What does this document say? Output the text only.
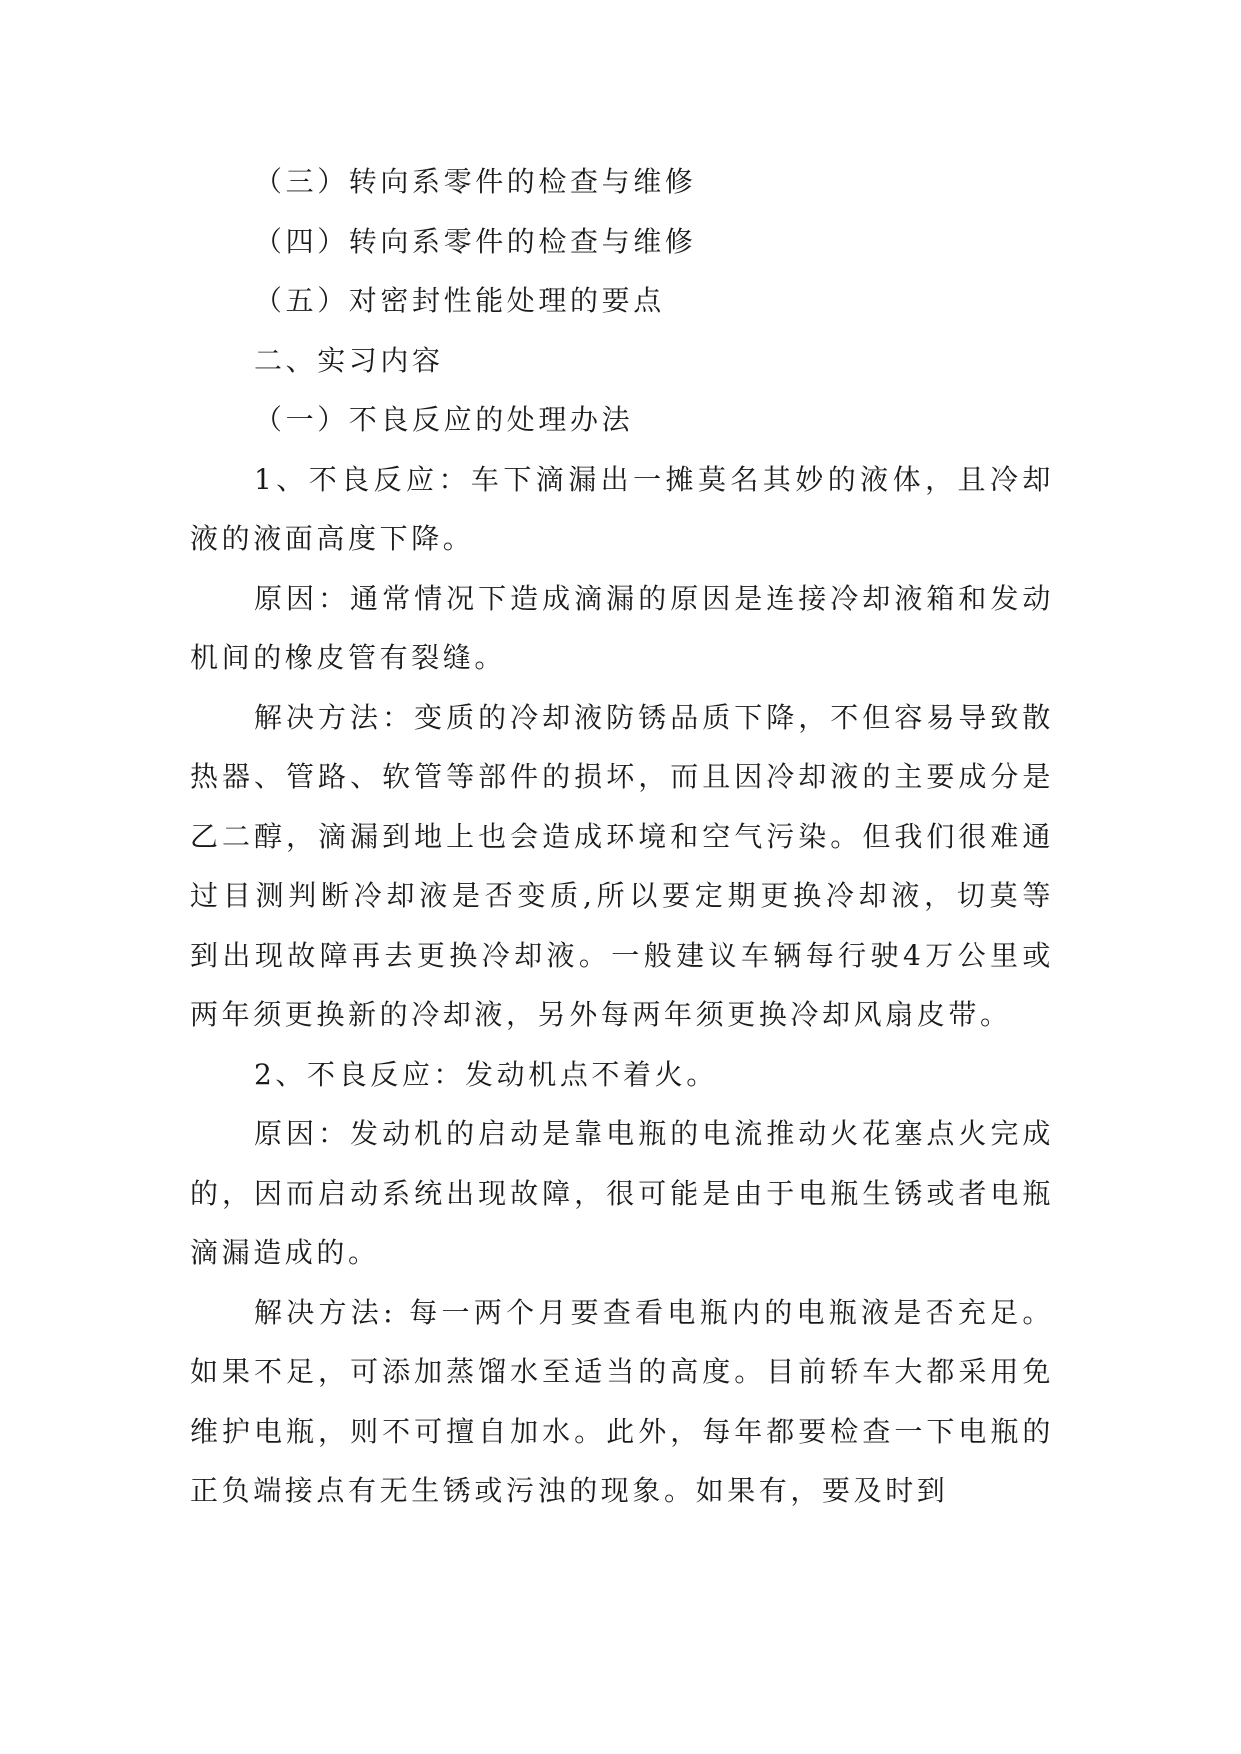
（三）转向系零件的检查与维修

（四）转向系零件的检查与维修

（五）对密封性能处理的要点

二、实习内容

（一）不良反应的处理办法

1、不良反应：车下滴漏出一摊莫名其妙的液体，且冷却液的液面高度下降。

原因：通常情况下造成滴漏的原因是连接冷却液箱和发动机间的橡皮管有裂缝。

解决方法：变质的冷却液防锈品质下降，不但容易导致散热器、管路、软管等部件的损坏，而且因冷却液的主要成分是乙二醇，滴漏到地上也会造成环境和空气污染。但我们很难通过目测判断冷却液是否变质,所以要定期更换冷却液，切莫等到出现故障再去更换冷却液。一般建议车辆每行驶4万公里或两年须更换新的冷却液，另外每两年须更换冷却风扇皮带。

2、不良反应：发动机点不着火。

原因：发动机的启动是靠电瓶的电流推动火花塞点火完成的，因而启动系统出现故障，很可能是由于电瓶生锈或者电瓶滴漏造成的。

解决方法: 每一两个月要查看电瓶内的电瓶液是否充足。如果不足，可添加蒸馏水至适当的高度。目前轿车大都采用免维护电瓶，则不可擅自加水。此外，每年都要检查一下电瓶的正负端接点有无生锈或污浊的现象。如果有，要及时到
